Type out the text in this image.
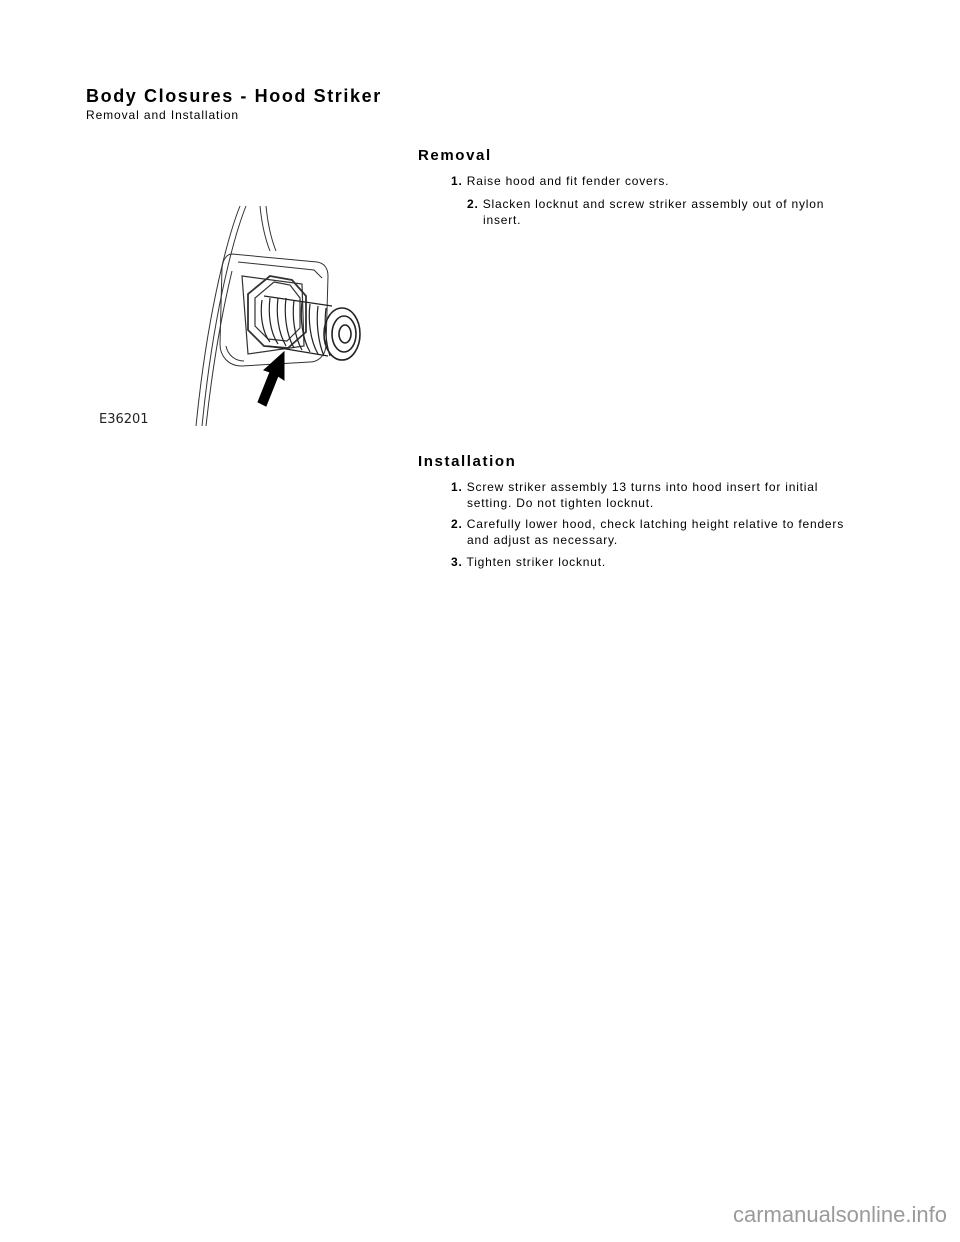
Body Closures - Hood Striker
Removal and Installation
E36201
Removal
1. Raise hood and fit fender covers.
2. Slacken locknut and screw striker assembly out of nylon
insert.
Installation
1. Screw striker assembly 13 turns into hood insert for initial
setting. Do not tighten locknut.
2. Carefully lower hood, check latching height relative to fenders
and adjust as necessary.
3. Tighten striker locknut.
carmanualsonline.info
